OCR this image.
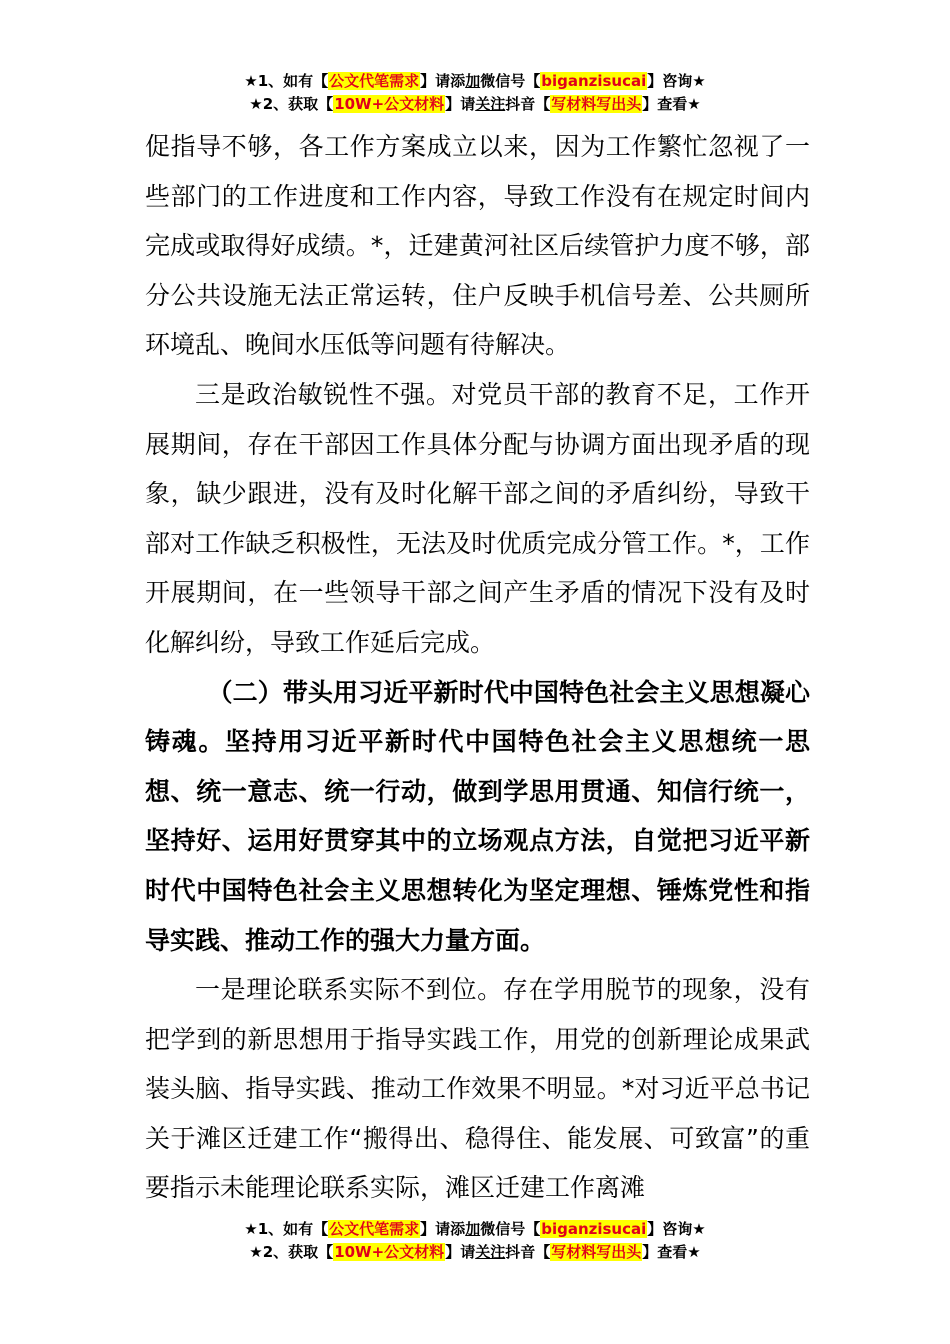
★1、如有【公文代笔需求】请添加微信号【biganzisucai】咨询★
★2、获取【10W+公文材料】请关注抖音【写材料写出头】查看★

促指导不够，各工作方案成立以来，因为工作繁忙忽视了一些部门的工作进度和工作内容，导致工作没有在规定时间内完成或取得好成绩。*，迁建黄河社区后续管护力度不够，部分公共设施无法正常运转，住户反映手机信号差、公共厕所环境乱、晚间水压低等问题有待解决。

三是政治敏锐性不强。对党员干部的教育不足，工作开展期间，存在干部因工作具体分配与协调方面出现矛盾的现象，缺少跟进，没有及时化解干部之间的矛盾纠纷，导致干部对工作缺乏积极性，无法及时优质完成分管工作。*，工作开展期间，在一些领导干部之间产生矛盾的情况下没有及时化解纠纷，导致工作延后完成。

（二）带头用习近平新时代中国特色社会主义思想凝心铸魂。坚持用习近平新时代中国特色社会主义思想统一思想、统一意志、统一行动，做到学思用贯通、知信行统一，坚持好、运用好贯穿其中的立场观点方法，自觉把习近平新时代中国特色社会主义思想转化为坚定理想、锤炼党性和指导实践、推动工作的强大力量方面。

一是理论联系实际不到位。存在学用脱节的现象，没有把学到的新思想用于指导实践工作，用党的创新理论成果武装头脑、指导实践、推动工作效果不明显。*对习近平总书记关于滩区迁建工作“搬得出、稳得住、能发展、可致富”的重要指示未能理论联系实际，滩区迁建工作离滩

★1、如有【公文代笔需求】请添加微信号【biganzisucai】咨询★
★2、获取【10W+公文材料】请关注抖音【写材料写出头】查看★
